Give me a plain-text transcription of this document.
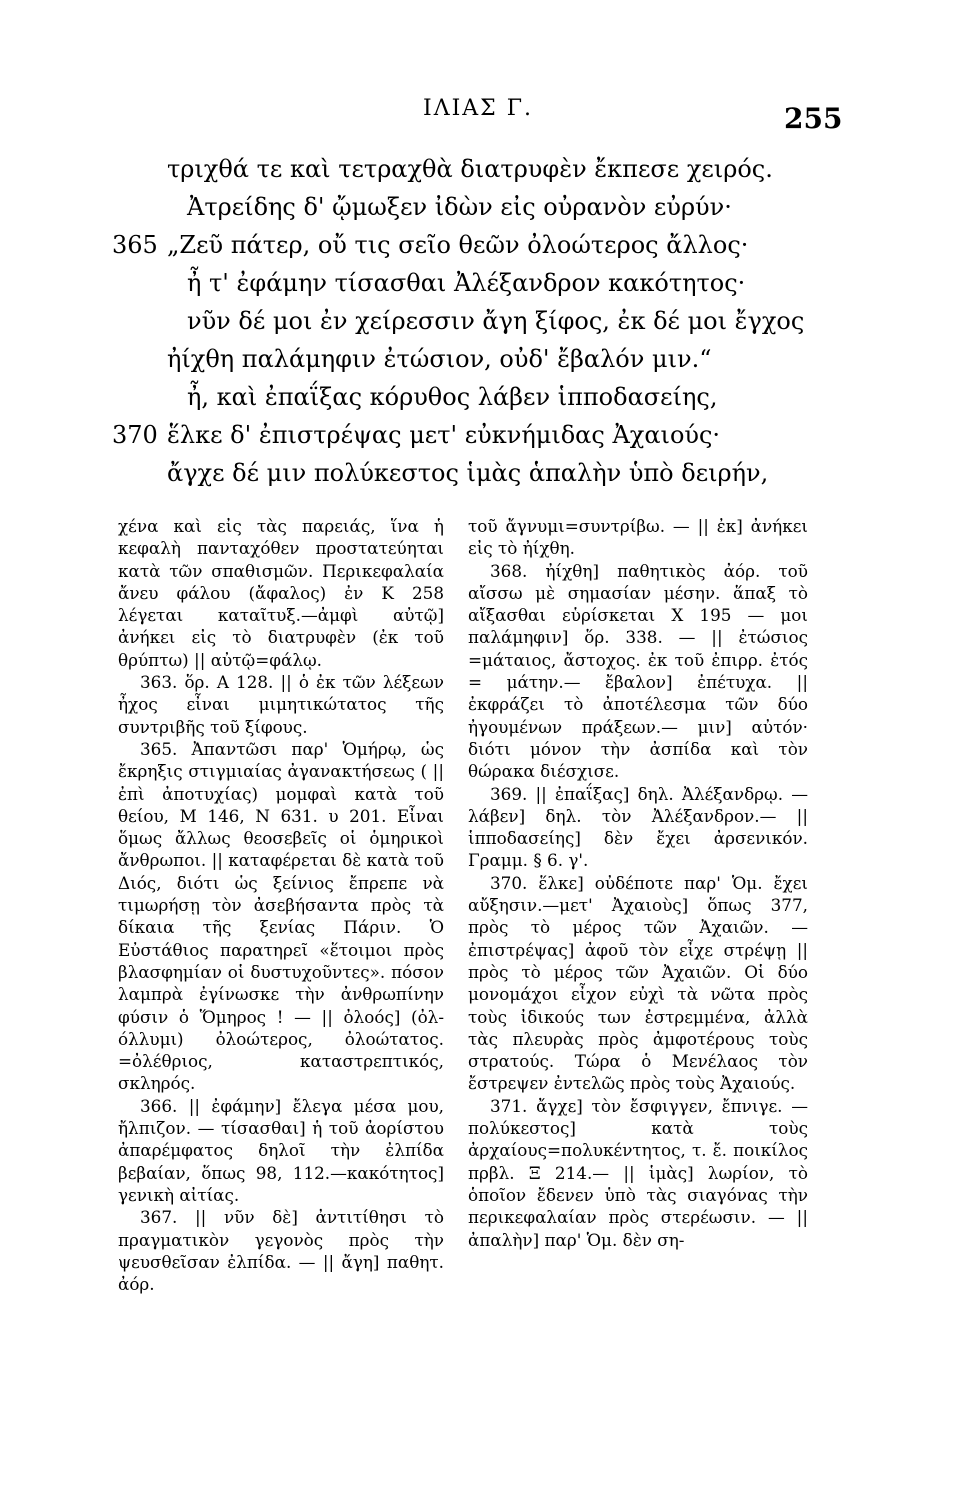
ΙΛΙΑΣ Γ.	255
τριχθά τε καὶ τετραχθὰ διατρυφὲν ἔκπεσε χειρός.
Ἀτρείδης δ' ᾤμωξεν ἰδὼν εἰς οὐρανὸν εὐρύν·
365 „Ζεῦ πάτερ, οὔ τις σεῖο θεῶν ὀλοώτερος ἄλλος·
ἦ τ' ἐφάμην τίσασθαι Ἀλέξανδρον κακότητος·
νῦν δέ μοι ἐν χείρεσσιν ἄγη ξίφος, ἐκ δέ μοι ἔγχος
ἠίχθη παλάμηφιν ἐτώσιον, οὐδ' ἔβαλόν μιν.“
ἦ, καὶ ἐπαΐξας κόρυθος λάβεν ἱπποδασείης,
370 ἕλκε δ' ἐπιστρέψας μετ' εὐκνήμιδας Ἀχαιούς·
ἄγχε δέ μιν πολύκεστος ἱμὰς ἁπαλὴν ὑπὸ δειρήν,

χένα καὶ εἰς τὰς παρειάς, ἵνα ἡ κεφαλὴ πανταχόθεν προστατεύηται κατὰ τῶν σπαθισμῶν. Περικεφαλαία ἄνευ φάλου (ἄφαλος) ἐν Κ 258 λέγεται καταῖτυξ.—ἀμφὶ αὐτῷ] ἀνήκει εἰς τὸ διατρυφὲν (ἐκ τοῦ θρύπτω) || αὐτῷ=φάλῳ.

363. ὅρ. Α 128. || ὁ ἐκ τῶν λέξεων ἦχος εἶναι μιμητικώτατος τῆς συντριβῆς τοῦ ξίφους.

365. Ἀπαντῶσι παρ' Ὁμήρῳ, ὡς ἔκρηξις στιγμιαίας ἀγανακτήσεως ( || ἐπὶ ἀποτυχίας) μομφαὶ κατὰ τοῦ θείου, Μ 146, Ν 631. υ 201. Εἶναι ὅμως ἄλλως θεοσεβεῖς οἱ ὁμηρικοὶ ἄνθρωποι. || καταφέρεται δὲ κατὰ τοῦ Διός, διότι ὡς ξείνιος ἔπρεπε νὰ τιμωρήσῃ τὸν ἀσεβήσαντα πρὸς τὰ δίκαια τῆς ξενίας Πάριν. Ὁ Εὐστάθιος παρατηρεῖ «ἕτοιμοι πρὸς βλασφημίαν οἱ δυστυχοῦντες». πόσον λαμπρὰ ἐγίνωσκε τὴν ἀνθρωπίνην φύσιν ὁ Ὅμηρος ! — || ὀλοός] (ὀλ-όλλυμι) ὀλοώτερος, ὀλοώτατος. =ὀλέθριος, καταστρεπτικός, σκληρός.

366. || ἐφάμην] ἔλεγα μέσα μου, ἤλπιζον. — τίσασθαι] ἡ τοῦ ἀορίστου ἀπαρέμφατος δηλοῖ τὴν ἐλπίδα βεβαίαν, ὅπως 98, 112.—κακότητος] γενικὴ αἰτίας.

367. || νῦν δὲ] ἀντιτίθησι τὸ πραγματικὸν γεγονὸς πρὸς τὴν ψευσθεῖσαν ἐλπίδα. — || ἄγη] παθητ. ἀόρ.

τοῦ ἄγνυμι=συντρίβω. — || ἐκ] ἀνήκει εἰς τὸ ἠίχθη.

368. ἠίχθη] παθητικὸς ἀόρ. τοῦ αἴσσω μὲ σημασίαν μέσην. ἅπαξ τὸ αἴξασθαι εὑρίσκεται Χ 195 — μοι παλάμηφιν] ὅρ. 338. — || ἐτώσιος =μάταιος, ἄστοχος. ἐκ τοῦ ἐπιρρ. ἐτός = μάτην.— ἔβαλον] ἐπέτυχα. || ἐκφράζει τὸ ἀποτέλεσμα τῶν δύο ἠγουμένων πράξεων.— μιν] αὐτόν· διότι μόνον τὴν ἀσπίδα καὶ τὸν θώρακα διέσχισε.

369. || ἐπαΐξας] δηλ. Ἀλέξανδρῳ. —λάβεν] δηλ. τὸν Ἀλέξανδρον.— || ἱπποδασείης] δὲν ἔχει ἀρσενικόν. Γραμμ. § 6. γ'.

370. ἕλκε] οὐδέποτε παρ' Ὁμ. ἔχει αὔξησιν.—μετ' Ἀχαιοὺς] ὅπως 377, πρὸς τὸ μέρος τῶν Ἀχαιῶν. —ἐπιστρέψας] ἀφοῦ τὸν εἶχε στρέψῃ || πρὸς τὸ μέρος τῶν Ἀχαιῶν. Οἱ δύο μονομάχοι εἶχον εὐχὶ τὰ νῶτα πρὸς τοὺς ἰδικούς των ἐστρεμμένα, ἀλλὰ τὰς πλευρὰς πρὸς ἀμφοτέρους τοὺς στρατούς. Τώρα ὁ Μενέλαος τὸν ἔστρεψεν ἐντελῶς πρὸς τοὺς Ἀχαιούς.

371. ἄγχε] τὸν ἔσφιγγεν, ἔπνιγε. — πολύκεστος] κατὰ τοὺς ἀρχαίους=πολυκέντητος, τ. ἔ. ποικίλος πρβλ. Ξ 214.— || ἱμὰς] λωρίον, τὸ ὁποῖον ἔδενεν ὑπὸ τὰς σιαγόνας τὴν περικεφαλαίαν πρὸς στερέωσιν. — || ἀπαλὴν] παρ' Ὁμ. δὲν ση-
